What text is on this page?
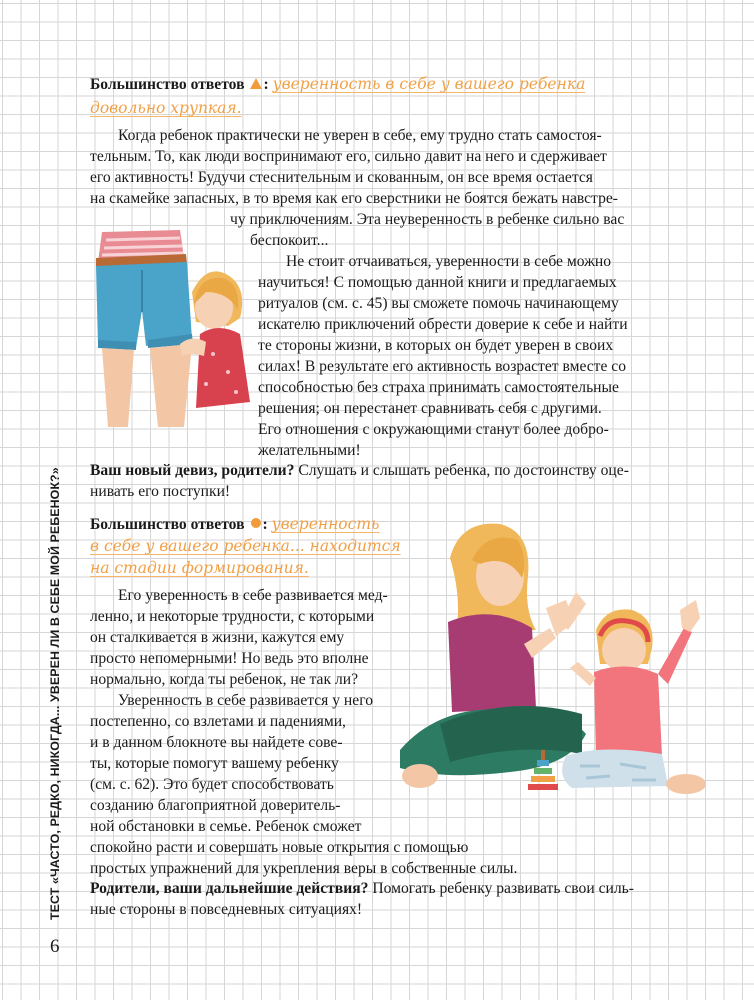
ТЕСТ «ЧАСТО, РЕДКО, НИКОГДА... УВЕРЕН ЛИ В СЕБЕ МОЙ РЕБЕНОК?»
6
Большинство ответов : уверенность в себе у вашего ребенка
довольно хрупкая.
Когда ребенок практически не уверен в себе, ему трудно стать самостоя-
тельным. То, как люди воспринимают его, сильно давит на него и сдерживает
его активность! Будучи стеснительным и скованным, он все время остается
на скамейке запасных, в то время как его сверстники не боятся бежать навстре-
чу приключениям. Эта неуверенность в ребенке сильно вас
беспокоит...
Не стоит отчаиваться, уверенности в себе можно
научиться! С помощью данной книги и предлагаемых
ритуалов (см. с. 45) вы сможете помочь начинающему
искателю приключений обрести доверие к себе и найти
те стороны жизни, в которых он будет уверен в своих
силах! В результате его активность возрастет вместе со
способностью без страха принимать самостоятельные
решения; он перестанет сравнивать себя с другими.
Его отношения с окружающими станут более добро-
желательными!
Ваш новый девиз, родители? Слушать и слышать ребенка, по достоинству оце-
нивать его поступки!
Большинство ответов : уверенность
в себе у вашего ребенка... находится
на стадии формирования.
Его уверенность в себе развивается мед-
ленно, и некоторые трудности, с которыми
он сталкивается в жизни, кажутся ему
просто непомерными! Но ведь это вполне
нормально, когда ты ребенок, не так ли?
Уверенность в себе развивается у него
постепенно, со взлетами и падениями,
и в данном блокноте вы найдете сове-
ты, которые помогут вашему ребенку
(см. с. 62). Это будет способствовать
созданию благоприятной доверитель-
ной обстановки в семье. Ребенок сможет
спокойно расти и совершать новые открытия с помощью
простых упражнений для укрепления веры в собственные силы.
Родители, ваши дальнейшие действия? Помогать ребенку развивать свои силь-
ные стороны в повседневных ситуациях!
